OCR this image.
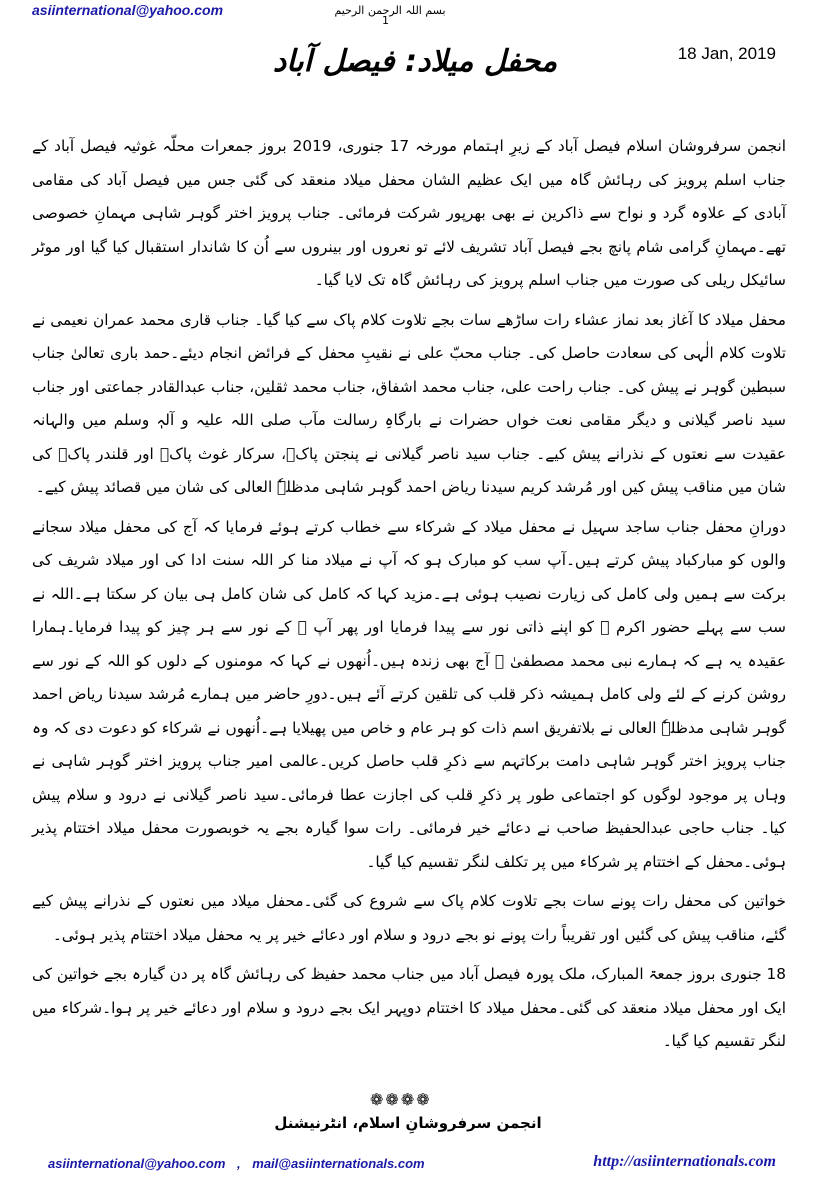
asiinternational@yahoo.com	بسم اللہ الرحمن الرحیم
1
18 Jan, 2019
محفل میلاد: فیصل آباد

انجمن سرفروشان اسلام فیصل آباد کے زیرِ اہتمام مورخہ 17 جنوری، 2019 بروز جمعرات محلّہ غوثیہ فیصل آباد کے جناب اسلم پرویز کی رہائش گاہ میں ایک عظیم الشان محفل میلاد منعقد کی گئی جس میں فیصل آباد کی مقامی آبادی کے علاوہ گرد و نواح سے ذاکرین نے بھی بھرپور شرکت فرمائی۔ جناب پرویز اختر گوہر شاہی مہمانِ خصوصی تھے۔مہمانِ گرامی شام پانچ بجے فیصل آباد تشریف لائے تو نعروں اور بینروں سے اُن کا شاندار استقبال کیا گیا اور موٹر سائیکل ریلی کی صورت میں جناب اسلم پرویز کی رہائش گاہ تک لایا گیا۔

محفل میلاد کا آغاز بعد نماز عشاء رات ساڑھے سات بجے تلاوت کلام پاک سے کیا گیا۔ جناب قاری محمد عمران نعیمی نے تلاوت کلام الٰہی کی سعادت حاصل کی۔ جناب محبّ علی نے نقیبِ محفل کے فرائض انجام دیئے۔حمد باری تعالیٰ جناب سبطین گوہر نے پیش کی۔ جناب راحت علی، جناب محمد اشفاق، جناب محمد ثقلین، جناب عبدالقادر جماعتی اور جناب سید ناصر گیلانی و دیگر مقامی نعت خواں حضرات نے بارگاہِ رسالت مآب صلی اللہ علیہ و آلہٖ وسلم میں والہانہ عقیدت سے نعتوں کے نذرانے پیش کیے۔ جناب سید ناصر گیلانی نے پنجتن پاکؑ، سرکار غوث پاکؓ اور قلندر پاکؒ کی شان میں مناقب پیش کیں اور مُرشد کریم سیدنا ریاض احمد گوہر شاہی مدظلہٗ العالی کی شان میں قصائد پیش کیے۔

دورانِ محفل جناب ساجد سہیل نے محفل میلاد کے شرکاء سے خطاب کرتے ہوئے فرمایا کہ آج کی محفل میلاد سجانے والوں کو مبارکباد پیش کرتے ہیں۔آپ سب کو مبارک ہو کہ آپ نے میلاد منا کر اللہ سنت ادا کی اور میلاد شریف کی برکت سے ہمیں ولی کامل کی زیارت نصیب ہوئی ہے۔مزید کہا کہ کامل کی شان کامل ہی بیان کر سکتا ہے۔اللہ نے سب سے پہلے حضور اکرم ﷺ کو اپنے ذاتی نور سے پیدا فرمایا اور پھر آپ ﷺ کے نور سے ہر چیز کو پیدا فرمایا۔ہمارا عقیدہ یہ ہے کہ ہمارے نبی محمد مصطفیٰ ﷺ آج بھی زندہ ہیں۔اُنھوں نے کہا کہ مومنوں کے دلوں کو اللہ کے نور سے روشن کرنے کے لئے ولی کامل ہمیشہ ذکر قلب کی تلقین کرتے آئے ہیں۔دورِ حاضر میں ہمارے مُرشد سیدنا ریاض احمد گوہر شاہی مدظلہٗ العالی نے بلاتفریق اسم ذات کو ہر عام و خاص میں پھیلایا ہے۔اُنھوں نے شرکاء کو دعوت دی کہ وہ جناب پرویز اختر گوہر شاہی دامت برکاتہم سے ذکرِ قلب حاصل کریں۔عالمی امیر جناب پرویز اختر گوہر شاہی نے وہاں پر موجود لوگوں کو اجتماعی طور پر ذکرِ قلب کی اجازت عطا فرمائی۔سید ناصر گیلانی نے درود و سلام پیش کیا۔ جناب حاجی عبدالحفیظ صاحب نے دعائے خیر فرمائی۔ رات سوا گیارہ بجے یہ خوبصورت محفل میلاد اختتام پذیر ہوئی۔محفل کے اختتام پر شرکاء میں پر تکلف لنگر تقسیم کیا گیا۔

خواتین کی محفل رات پونے سات بجے تلاوت کلام پاک سے شروع کی گئی۔محفل میلاد میں نعتوں کے نذرانے پیش کیے گئے، مناقب پیش کی گئیں اور تقریباً رات پونے نو بجے درود و سلام اور دعائے خیر پر یہ محفل میلاد اختتام پذیر ہوئی۔

18 جنوری بروز جمعۃ المبارک، ملک پورہ فیصل آباد میں جناب محمد حفیظ کی رہائش گاہ پر دن گیارہ بجے خواتین کی ایک اور محفل میلاد منعقد کی گئی۔محفل میلاد کا اختتام دوپہر ایک بجے درود و سلام اور دعائے خیر پر ہوا۔شرکاء میں لنگر تقسیم کیا گیا۔

❁❁❁❁
انجمن سرفروشانِ اسلام، انٹرنیشنل
asiinternational@yahoo.com , mail@asiinternationals.com	http://asiinternationals.com
